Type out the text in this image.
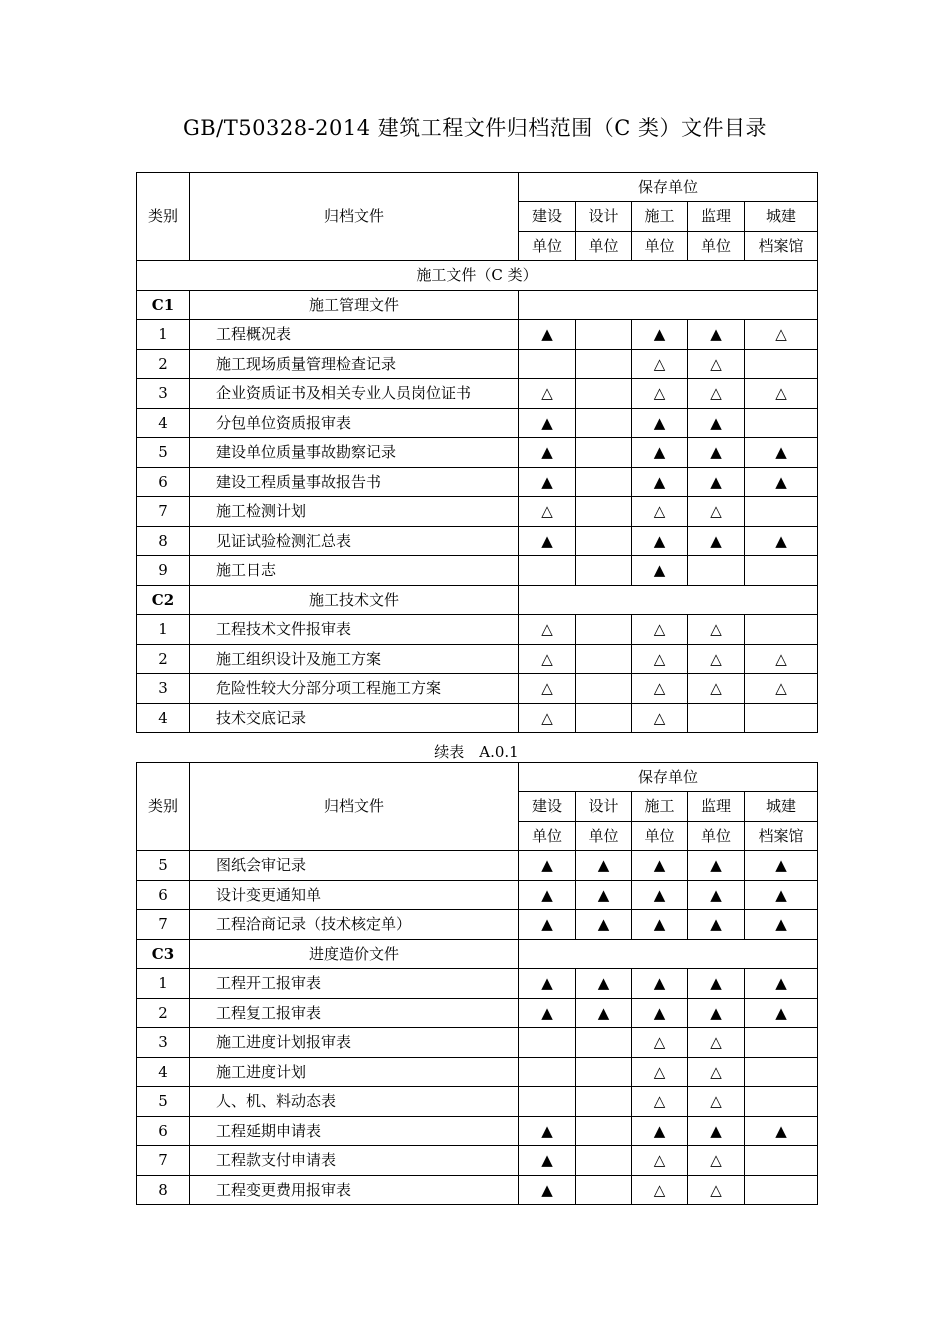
GB/T50328-2014 建筑工程文件归档范围（C 类）文件目录
类别	归档文件	保存单位				
		建设	设计	施工	监理	城建
		单位	单位	单位	单位	档案馆
施工文件（C 类）						
C1	施工管理文件					
1	工程概况表	▲		▲	▲	△
2	施工现场质量管理检查记录			△	△	
3	企业资质证书及相关专业人员岗位证书	△		△	△	△
4	分包单位资质报审表	▲		▲	▲	
5	建设单位质量事故勘察记录	▲		▲	▲	▲
6	建设工程质量事故报告书	▲		▲	▲	▲
7	施工检测计划	△		△	△	
8	见证试验检测汇总表	▲		▲	▲	▲
9	施工日志			▲		
C2	施工技术文件					
1	工程技术文件报审表	△		△	△	
2	施工组织设计及施工方案	△		△	△	△
3	危险性较大分部分项工程施工方案	△		△	△	△
4	技术交底记录	△		△		
续表　A.0.1
类别	归档文件	保存单位				
		建设	设计	施工	监理	城建
		单位	单位	单位	单位	档案馆
5	图纸会审记录	▲	▲	▲	▲	▲
6	设计变更通知单	▲	▲	▲	▲	▲
7	工程洽商记录（技术核定单）	▲	▲	▲	▲	▲
C3	进度造价文件					
1	工程开工报审表	▲	▲	▲	▲	▲
2	工程复工报审表	▲	▲	▲	▲	▲
3	施工进度计划报审表			△	△	
4	施工进度计划			△	△	
5	人、机、料动态表			△	△	
6	工程延期申请表	▲		▲	▲	▲
7	工程款支付申请表	▲		△	△	
8	工程变更费用报审表	▲		△	△	
